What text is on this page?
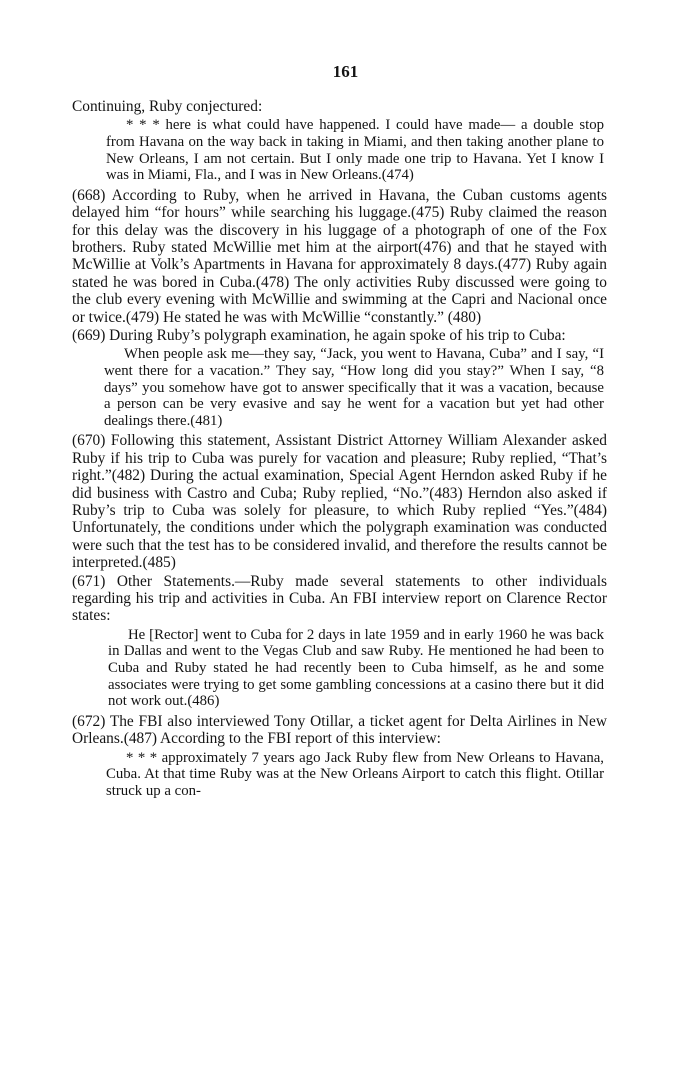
161

Continuing, Ruby conjectured:

* * * here is what could have happened. I could have made— a double stop from Havana on the way back in taking in Miami, and then taking another plane to New Orleans, I am not certain. But I only made one trip to Havana. Yet I know I was in Miami, Fla., and I was in New Orleans.(474)

(668) According to Ruby, when he arrived in Havana, the Cuban customs agents delayed him “for hours” while searching his luggage.(475) Ruby claimed the reason for this delay was the discovery in his luggage of a photograph of one of the Fox brothers. Ruby stated McWillie met him at the airport(476) and that he stayed with McWillie at Volk’s Apartments in Havana for approximately 8 days.(477) Ruby again stated he was bored in Cuba.(478) The only activities Ruby discussed were going to the club every evening with McWillie and swimming at the Capri and Nacional once or twice.(479) He stated he was with McWillie “constantly.” (480)

(669) During Ruby’s polygraph examination, he again spoke of his trip to Cuba:

When people ask me—they say, “Jack, you went to Havana, Cuba” and I say, “I went there for a vacation.” They say, “How long did you stay?” When I say, “8 days” you somehow have got to answer specifically that it was a vacation, because a person can be very evasive and say he went for a vacation but yet had other dealings there.(481)

(670) Following this statement, Assistant District Attorney William Alexander asked Ruby if his trip to Cuba was purely for vacation and pleasure; Ruby replied, “That’s right.”(482) During the actual examination, Special Agent Herndon asked Ruby if he did business with Castro and Cuba; Ruby replied, “No.”(483) Herndon also asked if Ruby’s trip to Cuba was solely for pleasure, to which Ruby replied “Yes.”(484) Unfortunately, the conditions under which the polygraph examination was conducted were such that the test has to be considered invalid, and therefore the results cannot be interpreted.(485)

(671) Other Statements.—Ruby made several statements to other individuals regarding his trip and activities in Cuba. An FBI interview report on Clarence Rector states:

He [Rector] went to Cuba for 2 days in late 1959 and in early 1960 he was back in Dallas and went to the Vegas Club and saw Ruby. He mentioned he had been to Cuba and Ruby stated he had recently been to Cuba himself, as he and some associates were trying to get some gambling concessions at a casino there but it did not work out.(486)

(672) The FBI also interviewed Tony Otillar, a ticket agent for Delta Airlines in New Orleans.(487) According to the FBI report of this interview:

* * * approximately 7 years ago Jack Ruby flew from New Orleans to Havana, Cuba. At that time Ruby was at the New Orleans Airport to catch this flight. Otillar struck up a con-
